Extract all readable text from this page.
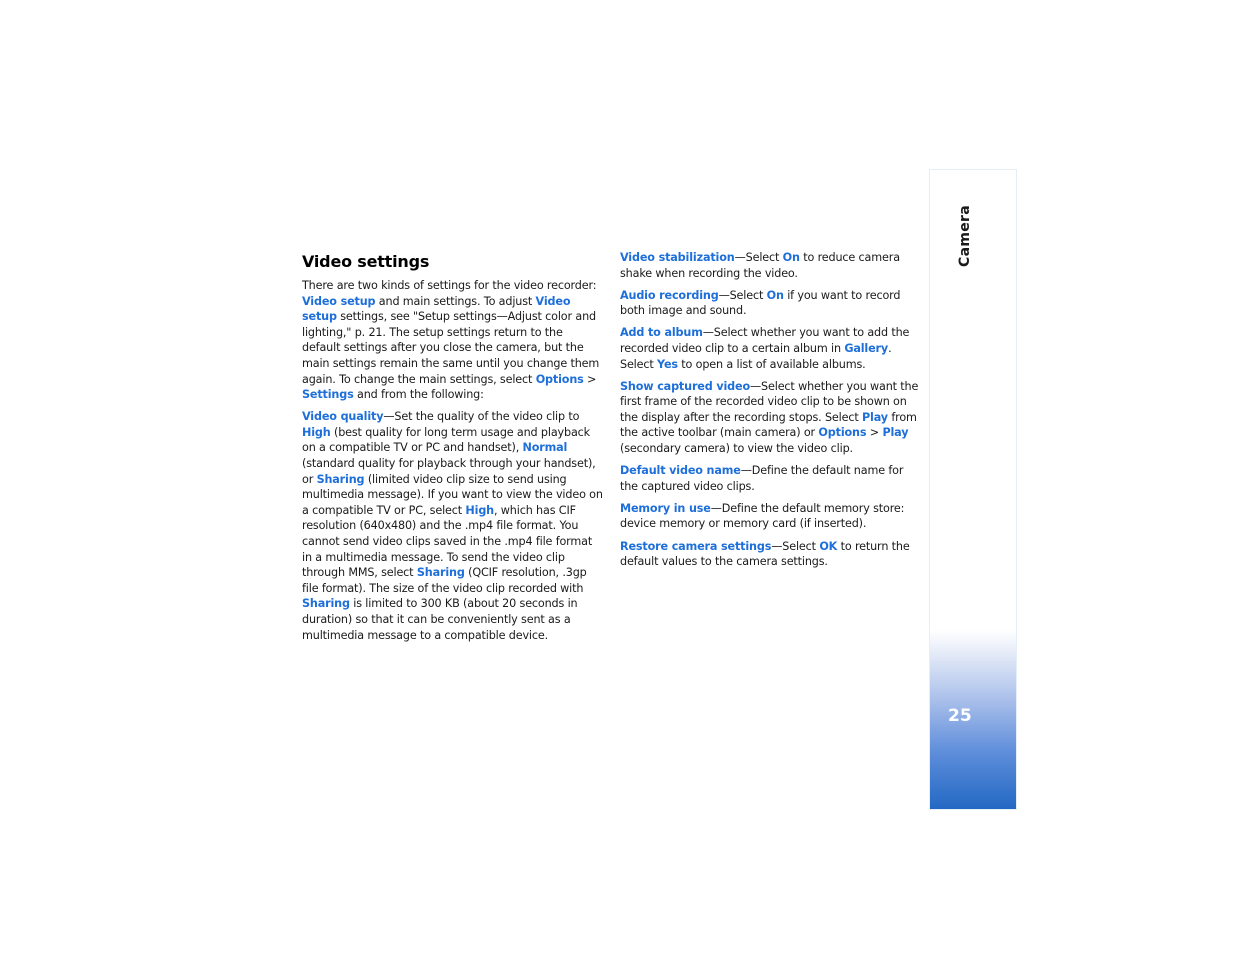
Video settings

There are two kinds of settings for the video recorder: Video setup and main settings. To adjust Video setup settings, see "Setup settings—Adjust color and lighting," p. 21. The setup settings return to the default settings after you close the camera, but the main settings remain the same until you change them again. To change the main settings, select Options > Settings and from the following:

Video quality—Set the quality of the video clip to High (best quality for long term usage and playback on a compatible TV or PC and handset), Normal (standard quality for playback through your handset), or Sharing (limited video clip size to send using multimedia message). If you want to view the video on a compatible TV or PC, select High, which has CIF resolution (640x480) and the .mp4 file format. You cannot send video clips saved in the .mp4 file format in a multimedia message. To send the video clip through MMS, select Sharing (QCIF resolution, .3gp file format). The size of the video clip recorded with Sharing is limited to 300 KB (about 20 seconds in duration) so that it can be conveniently sent as a multimedia message to a compatible device.

Video stabilization—Select On to reduce camera shake when recording the video.

Audio recording—Select On if you want to record both image and sound.

Add to album—Select whether you want to add the recorded video clip to a certain album in Gallery. Select Yes to open a list of available albums.

Show captured video—Select whether you want the first frame of the recorded video clip to be shown on the display after the recording stops. Select Play from the active toolbar (main camera) or Options > Play (secondary camera) to view the video clip.

Default video name—Define the default name for the captured video clips.

Memory in use—Define the default memory store: device memory or memory card (if inserted).

Restore camera settings—Select OK to return the default values to the camera settings.

Camera
25
